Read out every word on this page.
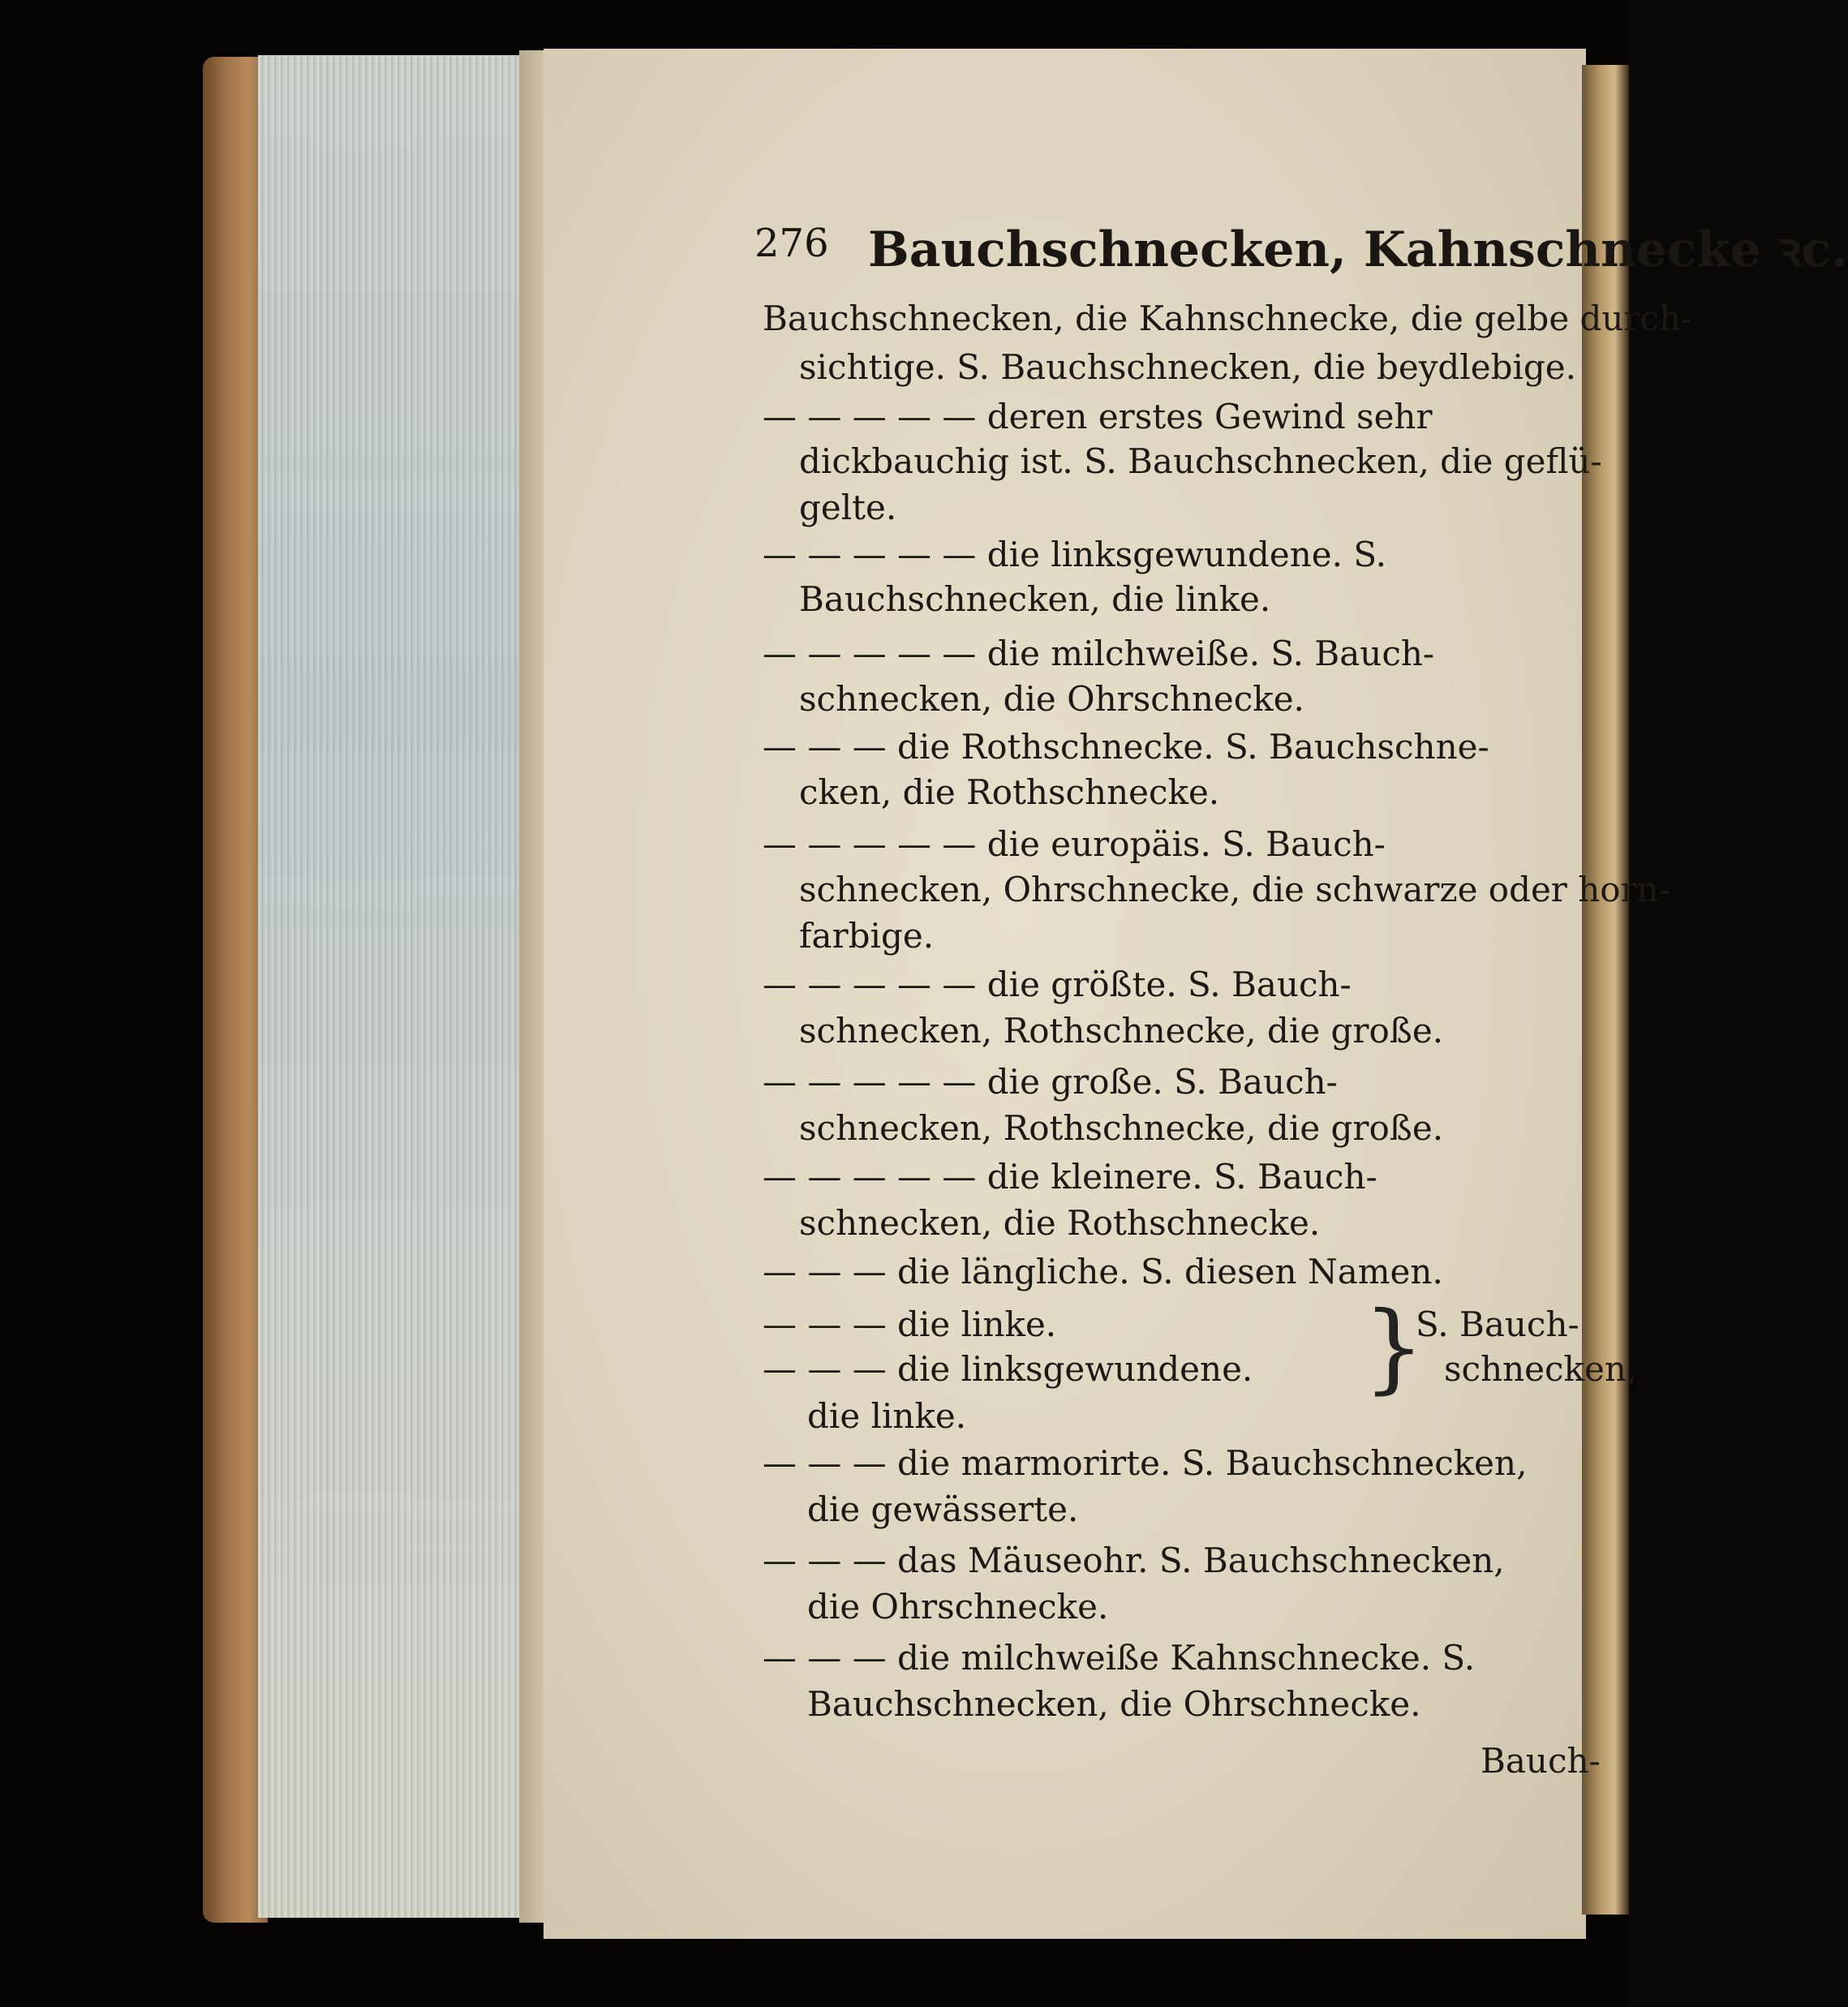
276 Bauchschnecken, Kahnschnecke ꝛc.
Bauchschnecken, die Kahnschnecke, die gelbe durch-
sichtige. S. Bauchschnecken, die beydlebige.
— — — — — deren erstes Gewind sehr
dickbauchig ist. S. Bauchschnecken, die geflü-
gelte.
— — — — — die linksgewundene. S.
Bauchschnecken, die linke.
— — — — — die milchweiße. S. Bauch-
schnecken, die Ohrschnecke.
— — — die Rothschnecke. S. Bauchschne-
cken, die Rothschnecke.
— — — — — die europäis. S. Bauch-
schnecken, Ohrschnecke, die schwarze oder horn-
farbige.
— — — — — die größte. S. Bauch-
schnecken, Rothschnecke, die große.
— — — — — die große. S. Bauch-
schnecken, Rothschnecke, die große.
— — — — — die kleinere. S. Bauch-
schnecken, die Rothschnecke.
— — — die längliche. S. diesen Namen.
— — — die linke.	S. Bauch-
— — — die linksgewundene.	schnecken,
}
die linke.
— — — die marmorirte. S. Bauchschnecken,
die gewässerte.
— — — das Mäuseohr. S. Bauchschnecken,
die Ohrschnecke.
— — — die milchweiße Kahnschnecke. S.
Bauchschnecken, die Ohrschnecke.
Bauch-
